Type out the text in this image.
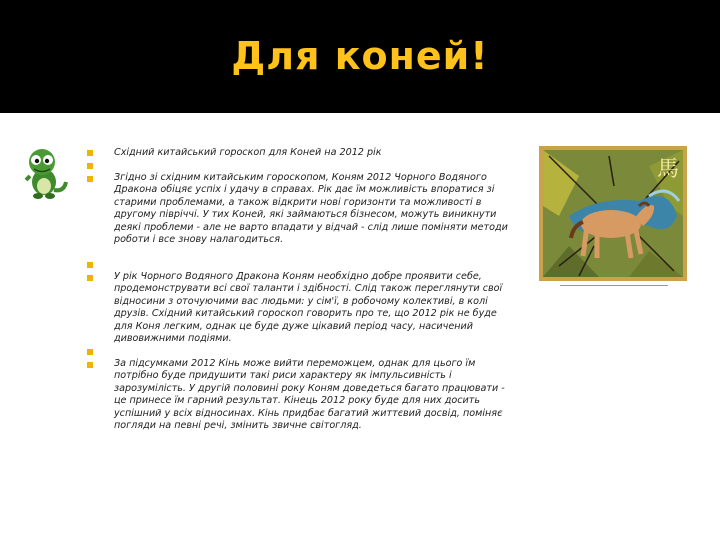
Для коней!
Східний китайський гороскоп для Коней на 2012 рік
Згідно зі східним китайським гороскопом, Коням 2012 Чорного Водяного Дракона обіцяє успіх і удачу в справах. Рік дає їм можливість впоратися зі старими проблемами, а також відкрити нові горизонти та можливості в другому півріччі. У тих Коней, які займаються бізнесом, можуть виникнути деякі проблеми - але не варто впадати у відчай - слід лише поміняти методи роботи і все знову налагодиться.
У рік Чорного Водяного Дракона Коням необхідно добре проявити себе, продемонструвати всі свої таланти і здібності. Слід також переглянути свої відносини з оточуючими вас людьми: у сім'ї, в робочому колективі, в колі друзів. Східний китайський гороскоп говорить про те, що 2012 рік не буде для Коня легким, однак це буде дуже цікавий період часу, насичений дивовижними подіями.
За підсумками 2012 Кінь може вийти переможцем, однак для цього їм потрібно буде придушити такі риси характеру як імпульсивність і зарозумілість. У другій половині року Коням доведеться багато працювати - це принесе їм гарний результат. Кінець 2012 року буде для них досить успішний у всіх відносинах. Кінь придбає багатий життєвий досвід, поміняє погляди на певні речі, змінить звичне світогляд.
馬
